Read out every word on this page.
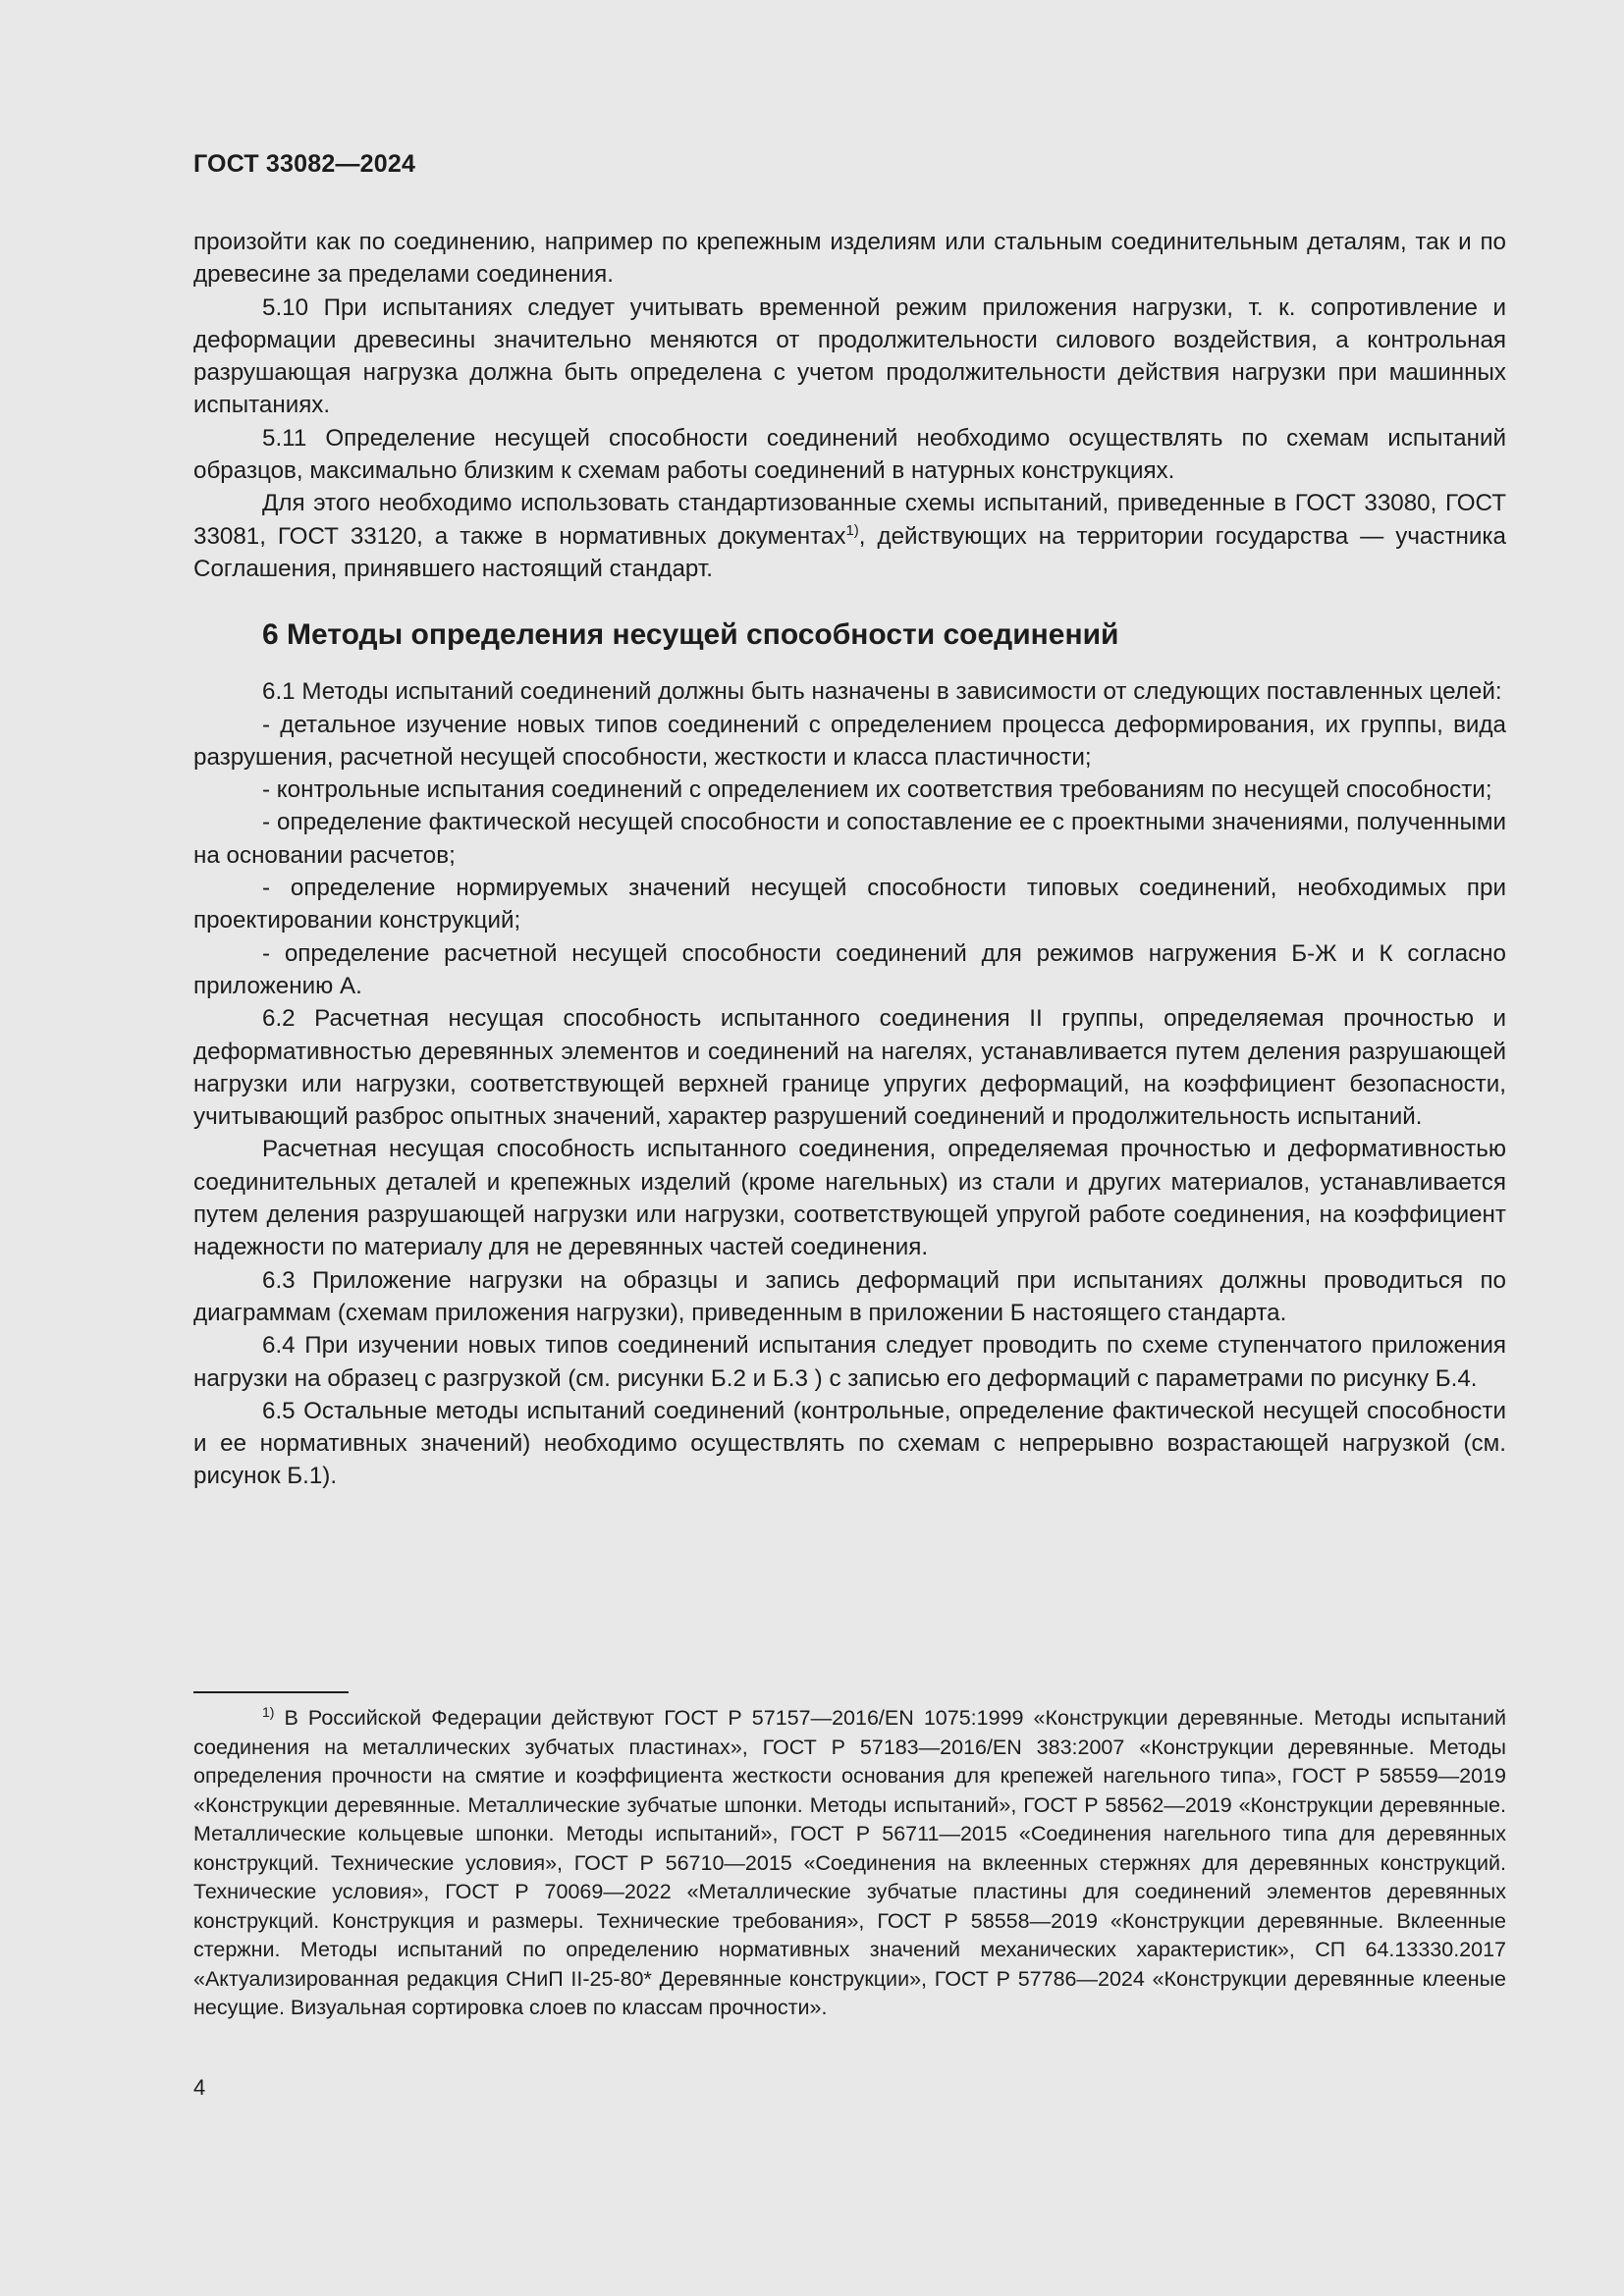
ГОСТ 33082—2024

произойти как по соединению, например по крепежным изделиям или стальным соединительным деталям, так и по древесине за пределами соединения.

5.10 При испытаниях следует учитывать временной режим приложения нагрузки, т. к. сопротивление и деформации древесины значительно меняются от продолжительности силового воздействия, а контрольная разрушающая нагрузка должна быть определена с учетом продолжительности действия нагрузки при машинных испытаниях.

5.11 Определение несущей способности соединений необходимо осуществлять по схемам испытаний образцов, максимально близким к схемам работы соединений в натурных конструкциях.

Для этого необходимо использовать стандартизованные схемы испытаний, приведенные в ГОСТ 33080, ГОСТ 33081, ГОСТ 33120, а также в нормативных документах$^{1)}$, действующих на территории государства — участника Соглашения, принявшего настоящий стандарт.

6 Методы определения несущей способности соединений

6.1 Методы испытаний соединений должны быть назначены в зависимости от следующих поставленных целей:

- детальное изучение новых типов соединений с определением процесса деформирования, их группы, вида разрушения, расчетной несущей способности, жесткости и класса пластичности;

- контрольные испытания соединений с определением их соответствия требованиям по несущей способности;

- определение фактической несущей способности и сопоставление ее с проектными значениями, полученными на основании расчетов;

- определение нормируемых значений несущей способности типовых соединений, необходимых при проектировании конструкций;

- определение расчетной несущей способности соединений для режимов нагружения Б-Ж и К согласно приложению А.

6.2 Расчетная несущая способность испытанного соединения II группы, определяемая прочностью и деформативностью деревянных элементов и соединений на нагелях, устанавливается путем деления разрушающей нагрузки или нагрузки, соответствующей верхней границе упругих деформаций, на коэффициент безопасности, учитывающий разброс опытных значений, характер разрушений соединений и продолжительность испытаний.

Расчетная несущая способность испытанного соединения, определяемая прочностью и деформативностью соединительных деталей и крепежных изделий (кроме нагельных) из стали и других материалов, устанавливается путем деления разрушающей нагрузки или нагрузки, соответствующей упругой работе соединения, на коэффициент надежности по материалу для не деревянных частей соединения.

6.3 Приложение нагрузки на образцы и запись деформаций при испытаниях должны проводиться по диаграммам (схемам приложения нагрузки), приведенным в приложении Б настоящего стандарта.

6.4 При изучении новых типов соединений испытания следует проводить по схеме ступенчатого приложения нагрузки на образец с разгрузкой (см. рисунки Б.2 и Б.3 ) с записью его деформаций с параметрами по рисунку Б.4.

6.5 Остальные методы испытаний соединений (контрольные, определение фактической несущей способности и ее нормативных значений) необходимо осуществлять по схемам с непрерывно возрастающей нагрузкой (см. рисунок Б.1).

$^{1)}$ В Российской Федерации действуют ГОСТ Р 57157—2016/EN 1075:1999 «Конструкции деревянные. Методы испытаний соединения на металлических зубчатых пластинах», ГОСТ Р 57183—2016/EN 383:2007 «Конструкции деревянные. Методы определения прочности на смятие и коэффициента жесткости основания для крепежей нагельного типа», ГОСТ Р 58559—2019 «Конструкции деревянные. Металлические зубчатые шпонки. Методы испытаний», ГОСТ Р 58562—2019 «Конструкции деревянные. Металлические кольцевые шпонки. Методы испытаний», ГОСТ Р 56711—2015 «Соединения нагельного типа для деревянных конструкций. Технические условия», ГОСТ Р 56710—2015 «Соединения на вклеенных стержнях для деревянных конструкций. Технические условия», ГОСТ Р 70069—2022 «Металлические зубчатые пластины для соединений элементов деревянных конструкций. Конструкция и размеры. Технические требования», ГОСТ Р 58558—2019 «Конструкции деревянные. Вклеенные стержни. Методы испытаний по определению нормативных значений механических характеристик», СП 64.13330.2017 «Актуализированная редакция СНиП II-25-80* Деревянные конструкции», ГОСТ Р 57786—2024 «Конструкции деревянные клееные несущие. Визуальная сортировка слоев по классам прочности».
4
